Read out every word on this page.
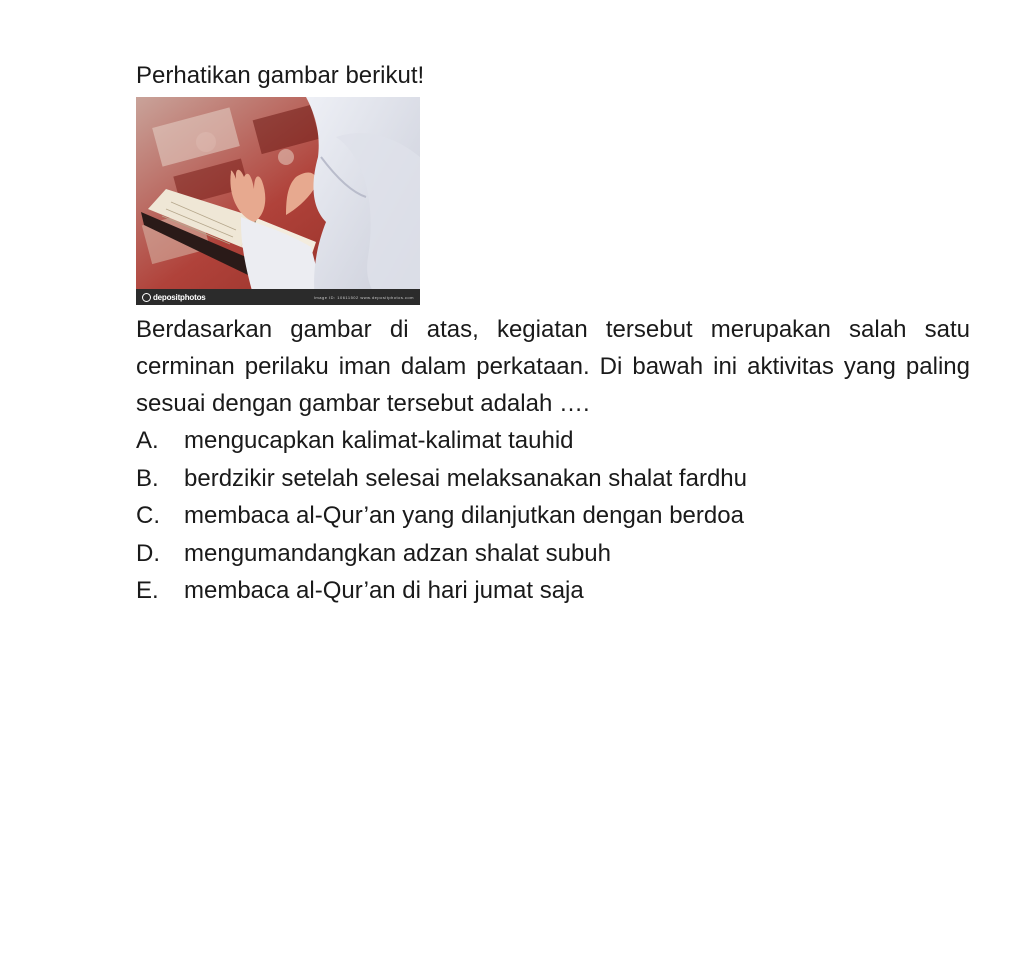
Perhatikan gambar berikut!

depositphotos	Image ID: 10611502 www.depositphotos.com

Berdasarkan gambar di atas, kegiatan tersebut merupakan salah satu cerminan perilaku iman dalam perkataan. Di bawah ini aktivitas yang paling sesuai dengan gambar tersebut adalah ….

A.	mengucapkan kalimat-kalimat tauhid
B.	berdzikir setelah selesai melaksanakan shalat fardhu
C.	membaca al-Qur’an yang dilanjutkan dengan berdoa
D.	mengumandangkan adzan shalat subuh
E.	membaca al-Qur’an di hari jumat saja
